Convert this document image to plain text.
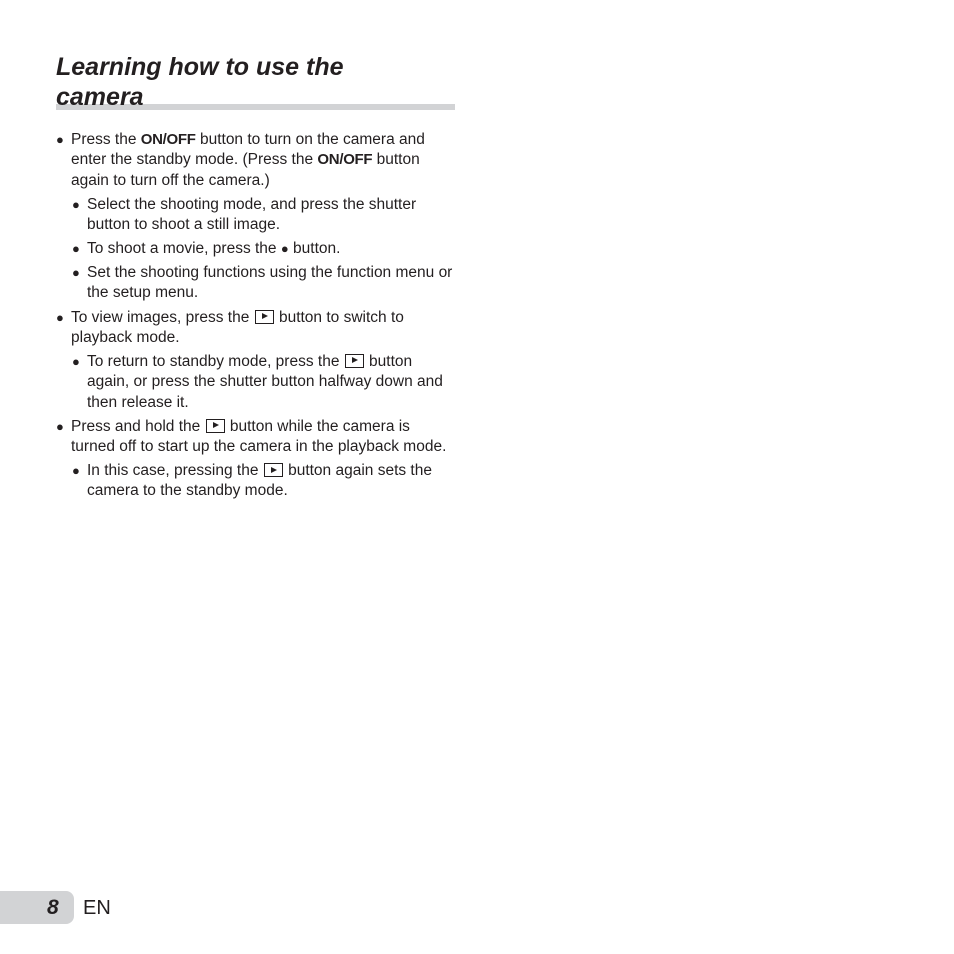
Learning how to use the
camera
● Press the ON/OFF button to turn on the camera and enter the standby mode. (Press the ON/OFF button again to turn off the camera.)
● Select the shooting mode, and press the shutter button to shoot a still image.
● To shoot a movie, press the ● button.
● Set the shooting functions using the function menu or the setup menu.
● To view images, press the  button to switch to playback mode.
● To return to standby mode, press the  button again, or press the shutter button halfway down and then release it.
● Press and hold the  button while the camera is turned off to start up the camera in the playback mode.
● In this case, pressing the  button again sets the camera to the standby mode.
8 EN
